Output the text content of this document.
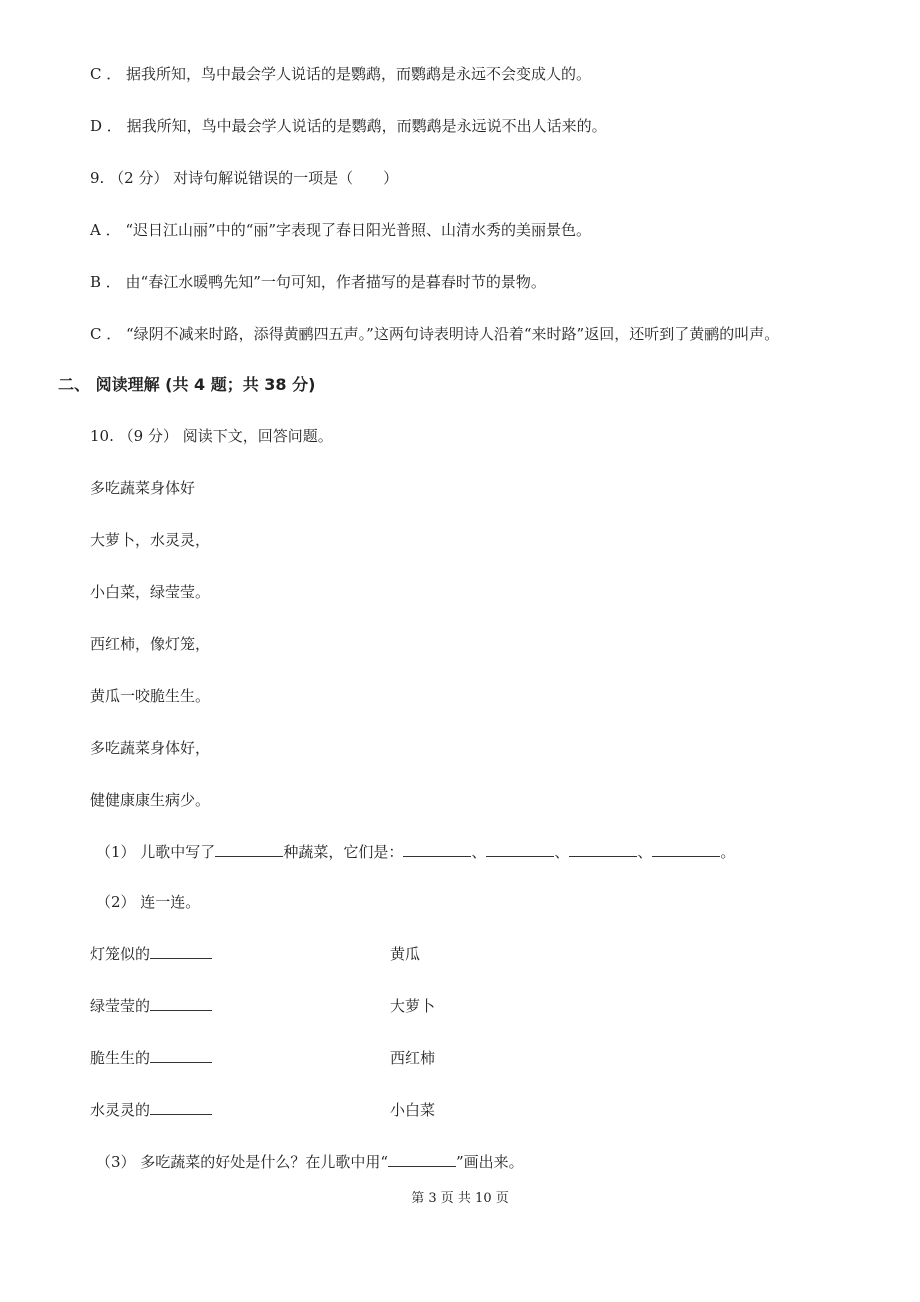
C ． 据我所知，鸟中最会学人说话的是鹦鹉，而鹦鹉是永远不会变成人的。
D ． 据我所知，鸟中最会学人说话的是鹦鹉，而鹦鹉是永远说不出人话来的。
9. （2 分） 对诗句解说错误的一项是（　　）
A ． “迟日江山丽”中的“丽”字表现了春日阳光普照、山清水秀的美丽景色。
B ． 由“春江水暖鸭先知”一句可知，作者描写的是暮春时节的景物。
C ． “绿阴不减来时路，添得黄鹂四五声。”这两句诗表明诗人沿着“来时路”返回，还听到了黄鹂的叫声。
二、 阅读理解 (共 4 题；共 38 分)
10. （9 分） 阅读下文，回答问题。
多吃蔬菜身体好
大萝卜，水灵灵，
小白菜，绿莹莹。
西红柿，像灯笼，
黄瓜一咬脆生生。
多吃蔬菜身体好，
健健康康生病少。
（1） 儿歌中写了	种蔬菜，它们是：	、	、	、	。
（2） 连一连。
灯笼似的	黄瓜
绿莹莹的	大萝卜
脆生生的	西红柿
水灵灵的	小白菜
（3） 多吃蔬菜的好处是什么？在儿歌中用“	”画出来。
第 3 页 共 10 页
